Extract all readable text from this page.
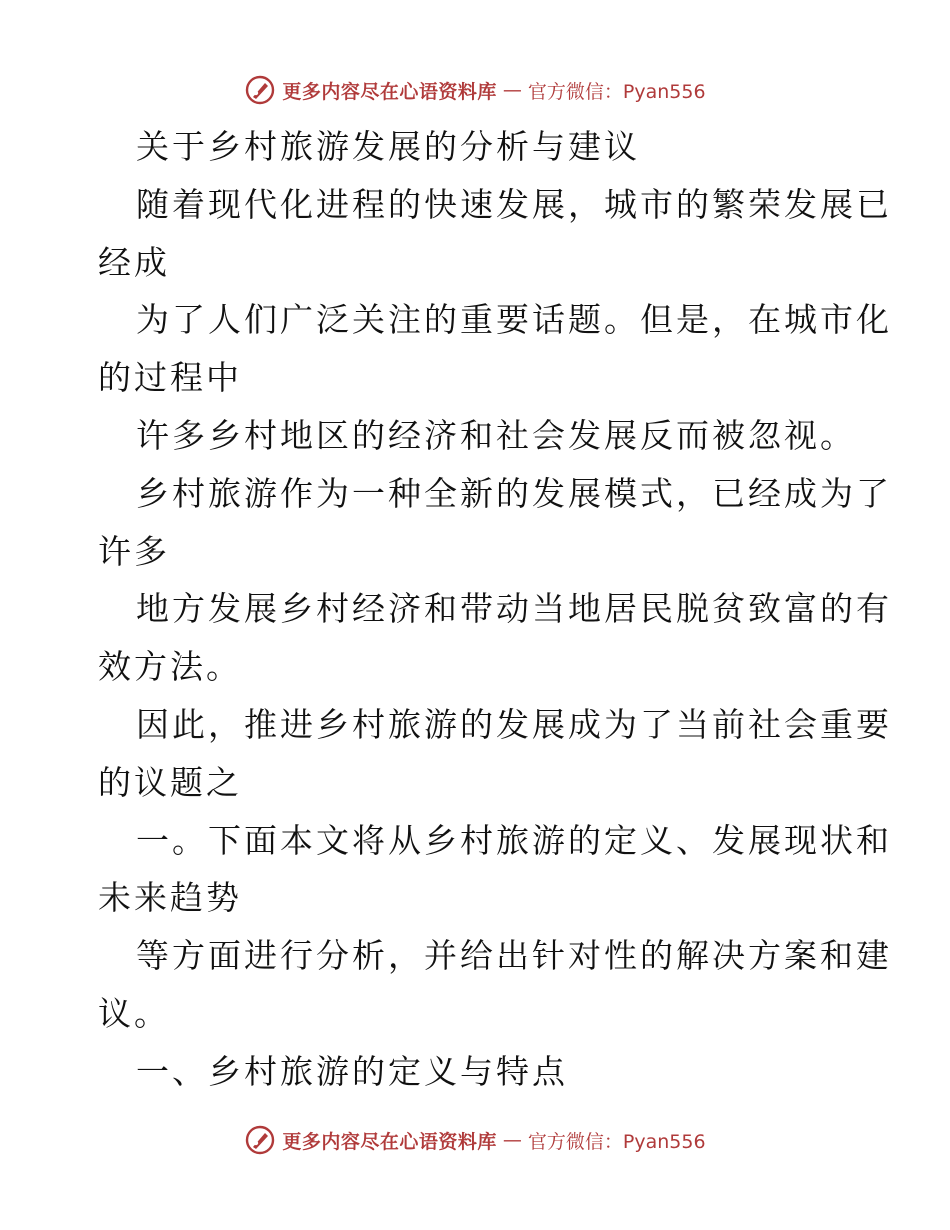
更多内容尽在心语资料库 — 官方微信：Pyan556
关于乡村旅游发展的分析与建议
随着现代化进程的快速发展，城市的繁荣发展已
经成
为了人们广泛关注的重要话题。但是，在城市化
的过程中
许多乡村地区的经济和社会发展反而被忽视。
乡村旅游作为一种全新的发展模式，已经成为了
许多
地方发展乡村经济和带动当地居民脱贫致富的有
效方法。
因此，推进乡村旅游的发展成为了当前社会重要
的议题之
一。下面本文将从乡村旅游的定义、发展现状和
未来趋势
等方面进行分析，并给出针对性的解决方案和建
议。
一、乡村旅游的定义与特点
更多内容尽在心语资料库 — 官方微信：Pyan556
